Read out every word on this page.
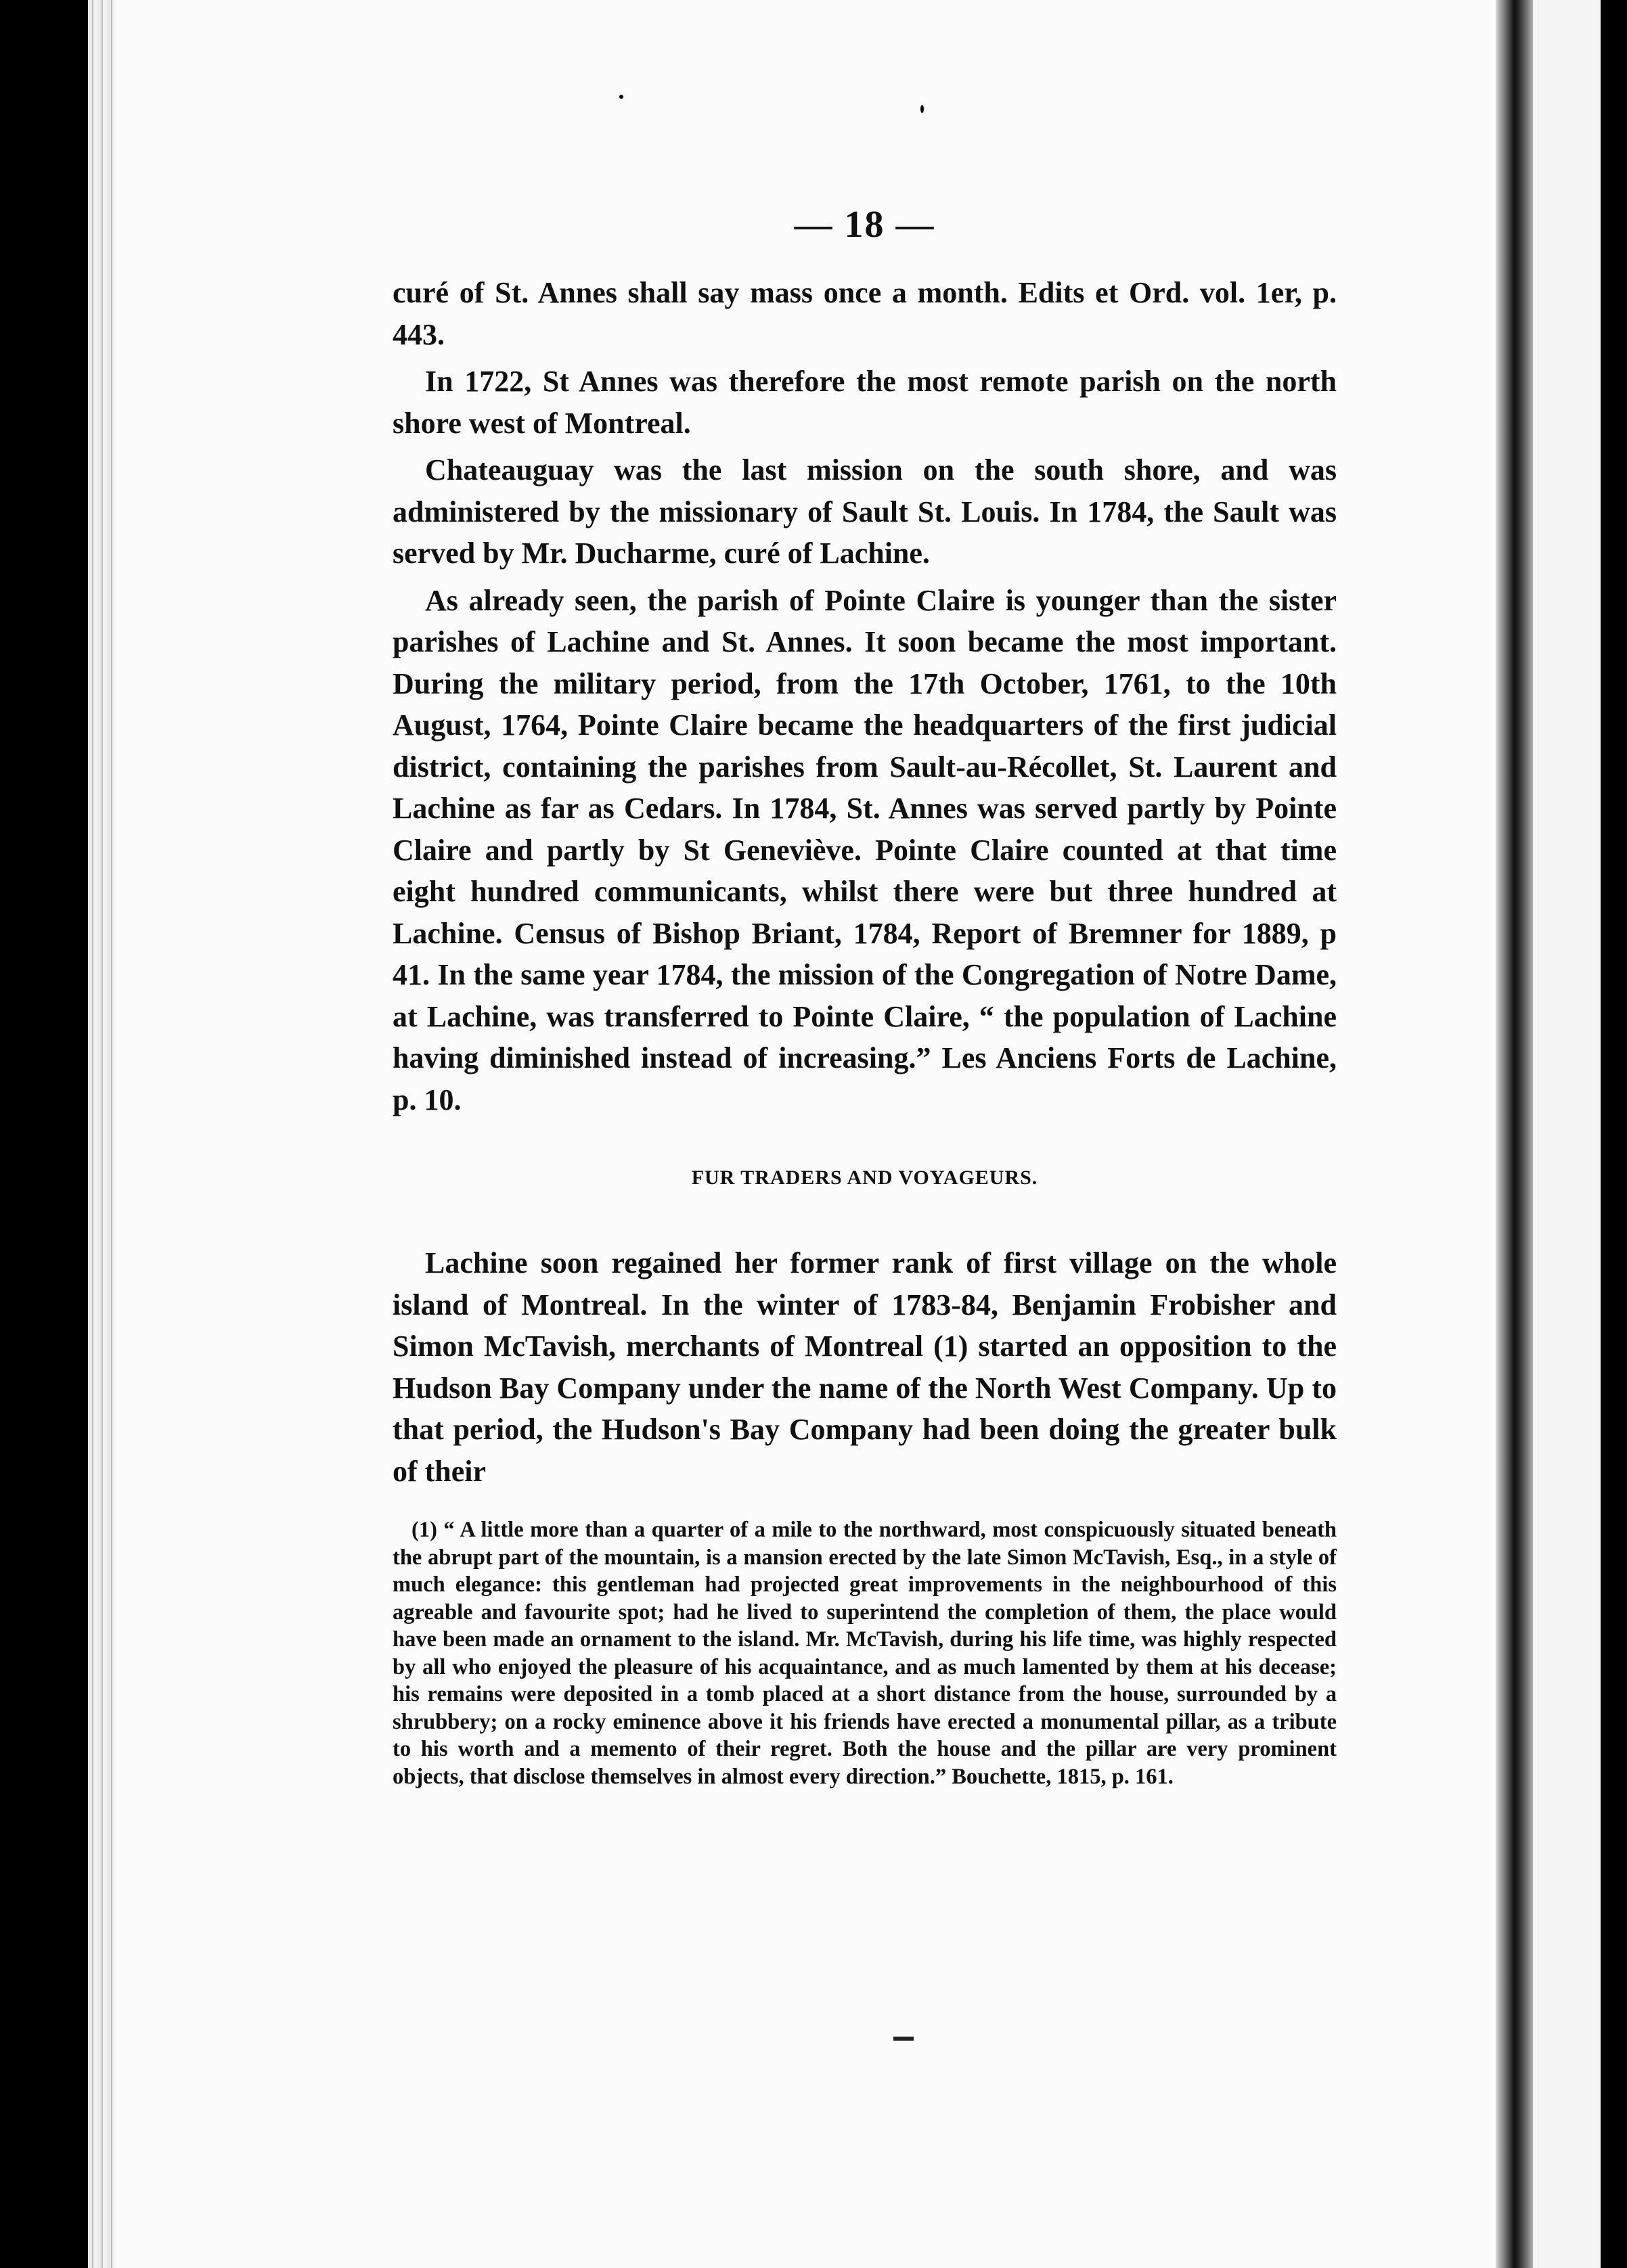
— 18 —

curé of St. Annes shall say mass once a month. Edits et Ord. vol. 1er, p. 443.

In 1722, St Annes was therefore the most remote parish on the north shore west of Montreal.

Chateauguay was the last mission on the south shore, and was administered by the missionary of Sault St. Louis. In 1784, the Sault was served by Mr. Ducharme, curé of Lachine.

As already seen, the parish of Pointe Claire is younger than the sister parishes of Lachine and St. Annes. It soon became the most important. During the military period, from the 17th October, 1761, to the 10th August, 1764, Pointe Claire became the headquarters of the first judicial district, containing the parishes from Sault-au-Récollet, St. Laurent and Lachine as far as Cedars. In 1784, St. Annes was served partly by Pointe Claire and partly by St Geneviève. Pointe Claire counted at that time eight hundred communicants, whilst there were but three hundred at Lachine. Census of Bishop Briant, 1784, Report of Bremner for 1889, p 41. In the same year 1784, the mission of the Congregation of Notre Dame, at Lachine, was transferred to Pointe Claire, “ the population of Lachine having diminished instead of increasing.” Les Anciens Forts de Lachine, p. 10.

FUR TRADERS AND VOYAGEURS.

Lachine soon regained her former rank of first village on the whole island of Montreal. In the winter of 1783-84, Benjamin Frobisher and Simon McTavish, merchants of Montreal (1) started an opposition to the Hudson Bay Company under the name of the North West Company. Up to that period, the Hudson's Bay Company had been doing the greater bulk of their

(1) “ A little more than a quarter of a mile to the northward, most conspicuously situated beneath the abrupt part of the mountain, is a mansion erected by the late Simon McTavish, Esq., in a style of much elegance: this gentleman had projected great improvements in the neighbourhood of this agreable and favourite spot; had he lived to superintend the completion of them, the place would have been made an ornament to the island. Mr. McTavish, during his life time, was highly respected by all who enjoyed the pleasure of his acquaintance, and as much lamented by them at his decease; his remains were deposited in a tomb placed at a short distance from the house, surrounded by a shrubbery; on a rocky eminence above it his friends have erected a monumental pillar, as a tribute to his worth and a memento of their regret. Both the house and the pillar are very prominent objects, that disclose themselves in almost every direction.” Bouchette, 1815, p. 161.
